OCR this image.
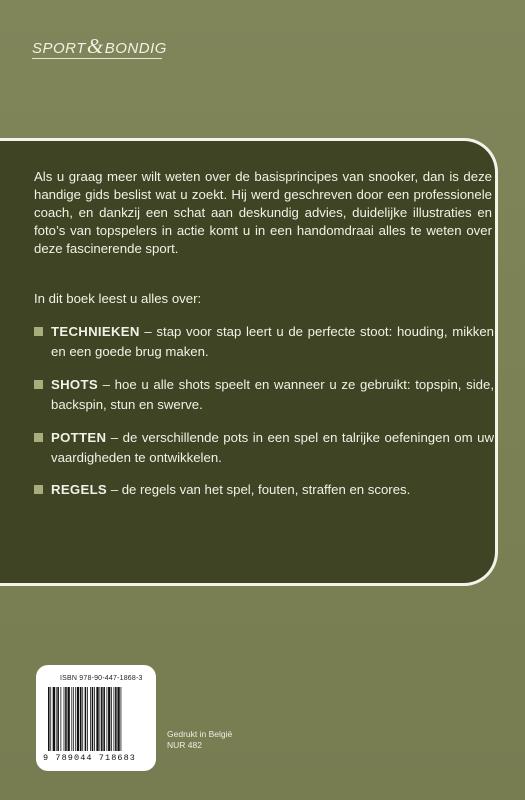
SPORT&BONDIG

Als u graag meer wilt weten over de basisprincipes van snooker, dan is deze handige gids beslist wat u zoekt. Hij werd geschreven door een professionele coach, en dankzij een schat aan deskundig advies, duidelijke illustraties en foto’s van topspelers in actie komt u in een handomdraai alles te weten over deze fascinerende sport.

In dit boek leest u alles over:

TECHNIEKEN – stap voor stap leert u de perfecte stoot: houding, mikken en een goede brug maken.
SHOTS – hoe u alle shots speelt en wanneer u ze gebruikt: topspin, side, backspin, stun en swerve.
POTTEN – de verschillende pots in een spel en talrijke oefeningen om uw vaardigheden te ontwikkelen.
REGELS – de regels van het spel, fouten, straffen en scores.
ISBN 978-90-447-1868-3
9 789044 718683
Gedrukt in België
NUR 482
